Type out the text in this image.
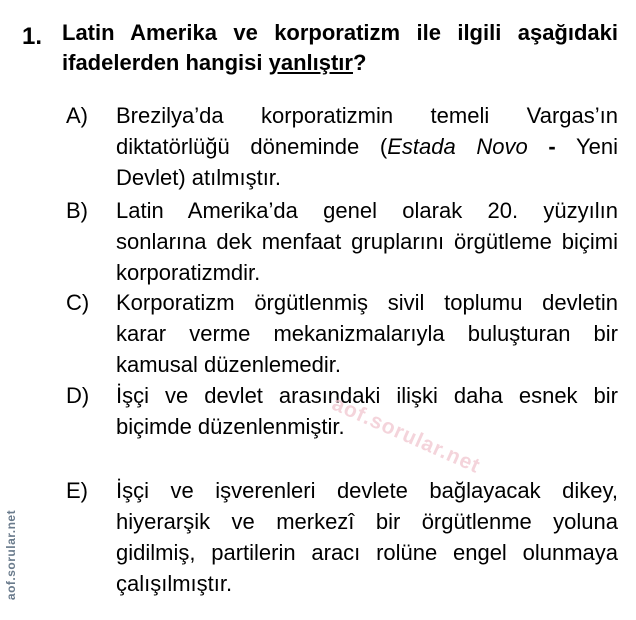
1. Latin Amerika ve korporatizm ile ilgili aşağıdaki ifadelerden hangisi yanlıştır?
A)	Brezilya’da korporatizmin temeli Vargas’ın diktatörlüğü döneminde (Estada Novo - Yeni Devlet) atılmıştır.
B)	Latin Amerika’da genel olarak 20. yüzyılın sonlarına dek menfaat gruplarını örgütleme biçimi korporatizmdir.
C)	Korporatizm örgütlenmiş sivil toplumu devletin karar verme mekanizmalarıyla buluşturan bir kamusal düzenlemedir.
D)	İşçi ve devlet arasındaki ilişki daha esnek bir biçimde düzenlenmiştir.
E)	İşçi ve işverenleri devlete bağlayacak dikey, hiyerarşik ve merkezî bir örgütlenme yoluna gidilmiş, partilerin aracı rolüne engel olunmaya çalışılmıştır.
aof.sorular.net
aof.sorular.net
